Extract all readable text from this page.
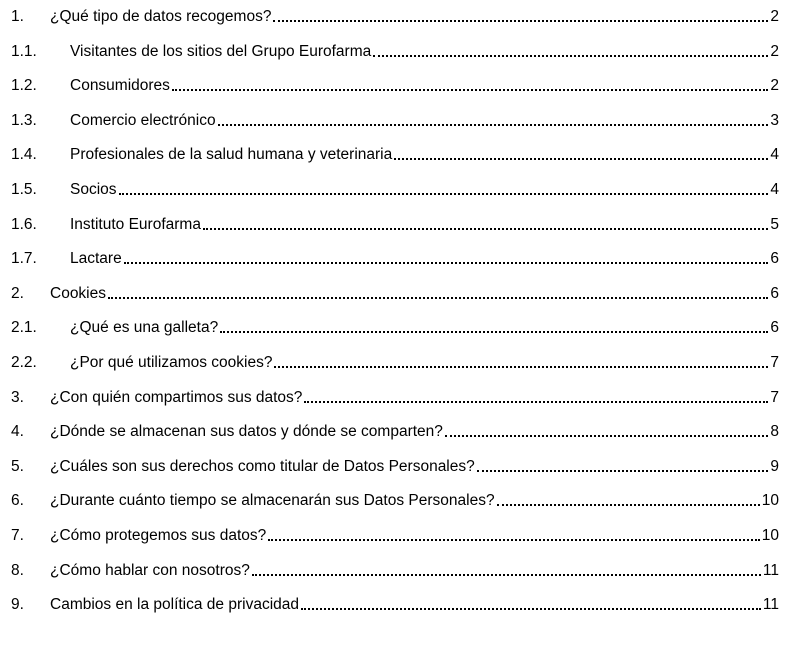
1.	¿Qué tipo de datos recogemos?	2
1.1.	Visitantes de los sitios del Grupo Eurofarma	2
1.2.	Consumidores	2
1.3.	Comercio electrónico	3
1.4.	Profesionales de la salud humana y veterinaria	4
1.5.	Socios	4
1.6.	Instituto Eurofarma	5
1.7.	Lactare	6
2.	Cookies	6
2.1.	¿Qué es una galleta?	6
2.2.	¿Por qué utilizamos cookies?	7
3.	¿Con quién compartimos sus datos?	7
4.	¿Dónde se almacenan sus datos y dónde se comparten?	8
5.	¿Cuáles son sus derechos como titular de Datos Personales?	9
6.	¿Durante cuánto tiempo se almacenarán sus Datos Personales?	10
7.	¿Cómo protegemos sus datos?	10
8.	¿Cómo hablar con nosotros?	11
9.	Cambios en la política de privacidad	11
